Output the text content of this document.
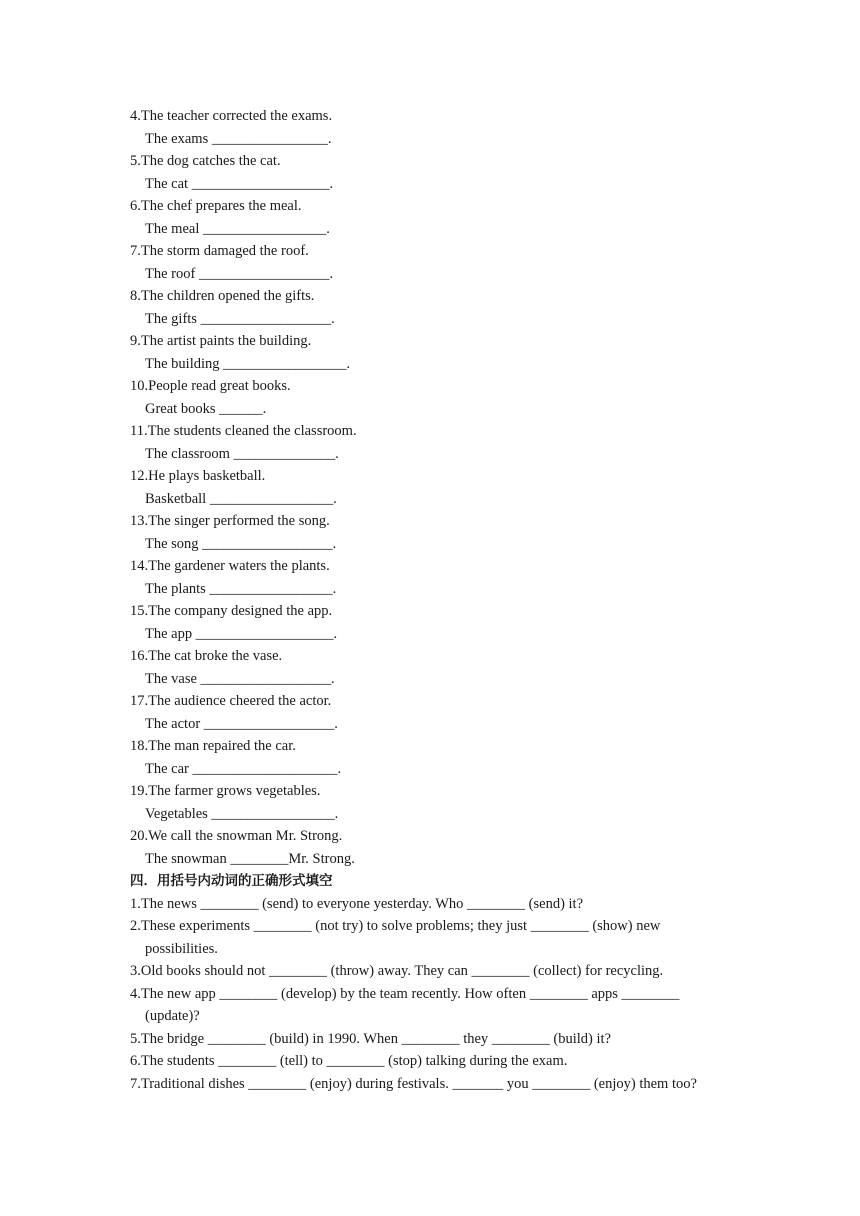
4.The teacher corrected the exams.
The exams ________________.
5.The dog catches the cat.
The cat ___________________.
6.The chef prepares the meal.
The meal _________________.
7.The storm damaged the roof.
The roof __________________.
8.The children opened the gifts.
The gifts __________________.
9.The artist paints the building.
The building _________________.
10.People read great books.
Great books ______.
11.The students cleaned the classroom.
The classroom ______________.
12.He plays basketball.
Basketball _________________.
13.The singer performed the song.
The song __________________.
14.The gardener waters the plants.
The plants _________________.
15.The company designed the app.
The app ___________________.
16.The cat broke the vase.
The vase __________________.
17.The audience cheered the actor.
The actor __________________.
18.The man repaired the car.
The car ____________________.
19.The farmer grows vegetables.
Vegetables _________________.
20.We call the snowman Mr. Strong.
The snowman ________Mr. Strong.
四．用括号内动词的正确形式填空
1.The news ________ (send) to everyone yesterday. Who ________ (send) it?
2.These experiments ________ (not try) to solve problems; they just ________ (show) new
possibilities.
3.Old books should not ________ (throw) away. They can ________ (collect) for recycling.
4.The new app ________ (develop) by the team recently. How often ________ apps ________
(update)?
5.The bridge ________ (build) in 1990. When ________ they ________ (build) it?
6.The students ________ (tell) to ________ (stop) talking during the exam.
7.Traditional dishes ________ (enjoy) during festivals. _______ you ________ (enjoy) them too?
